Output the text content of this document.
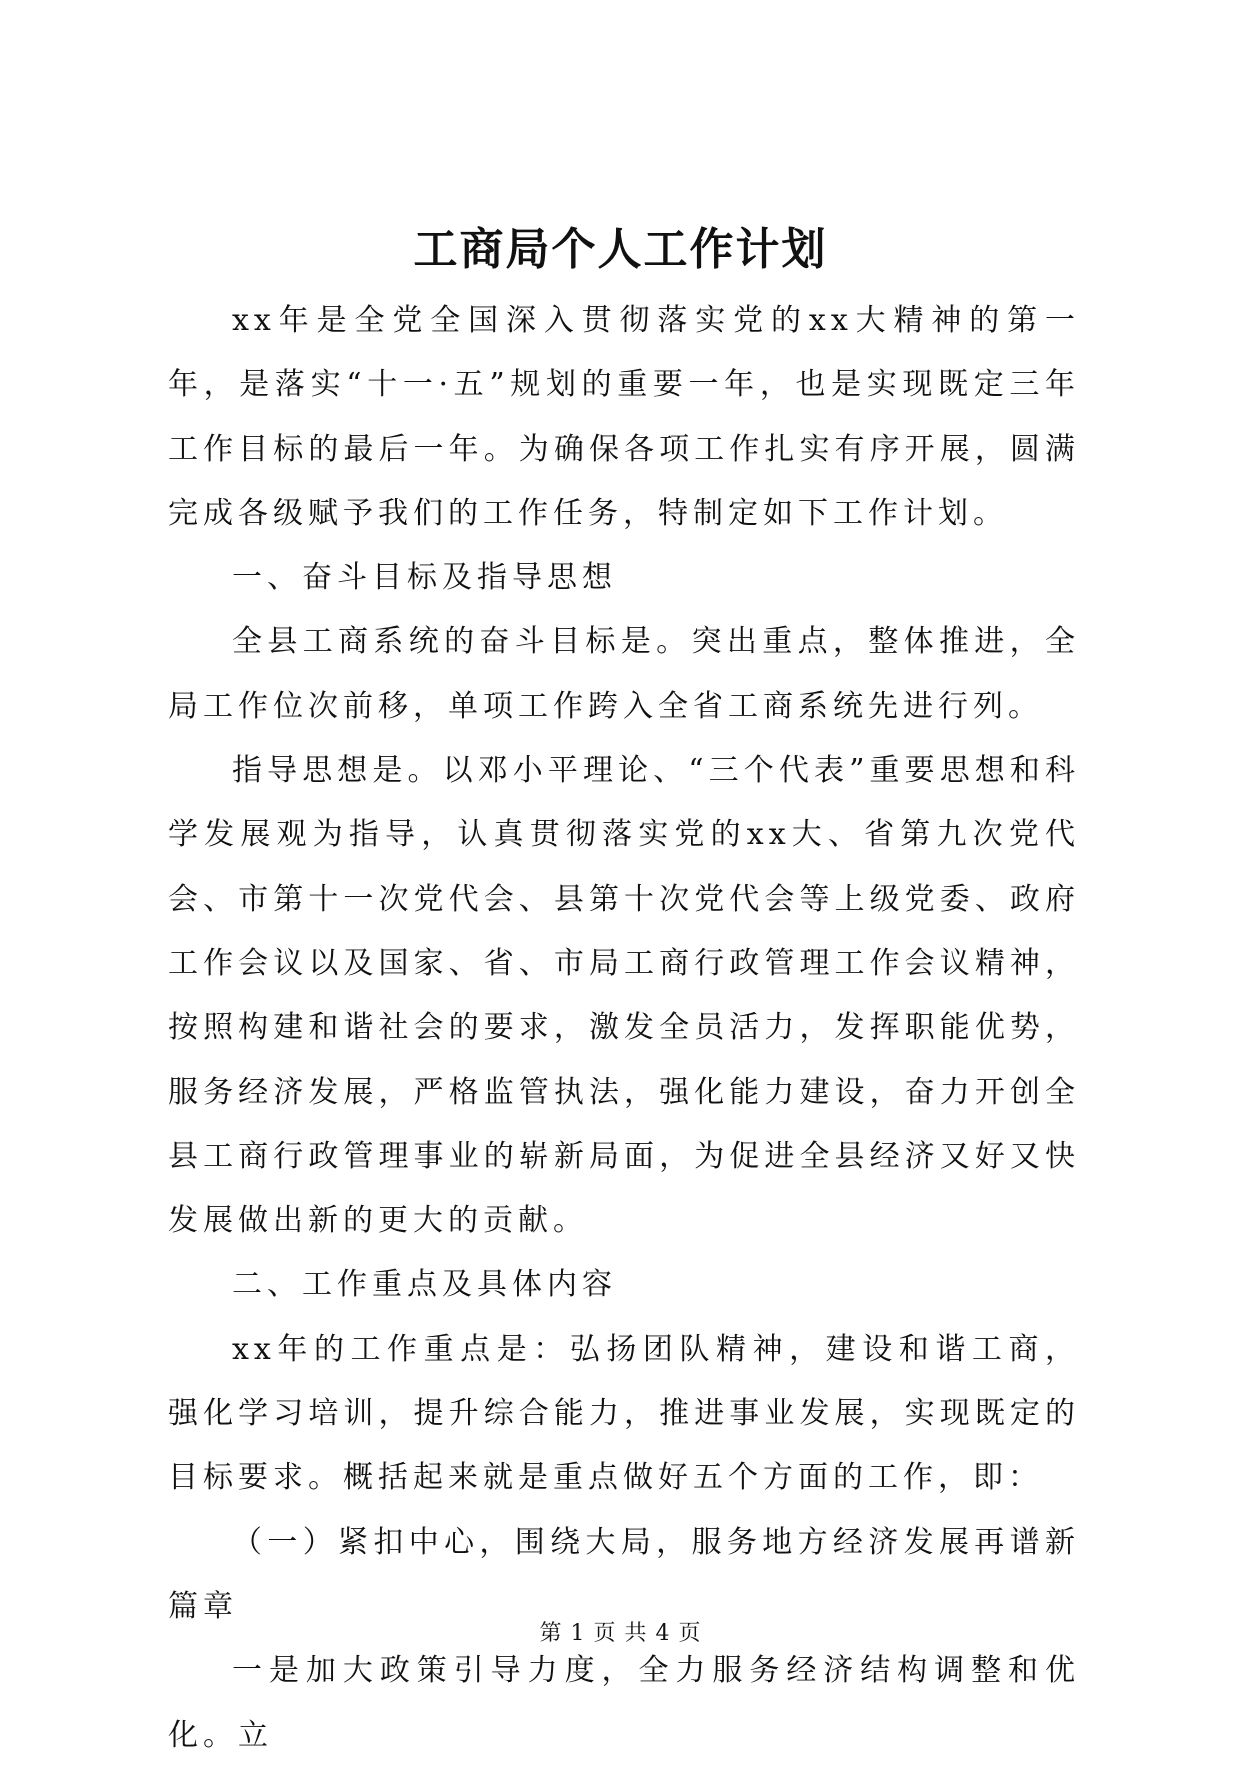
工商局个人工作计划

xx年是全党全国深入贯彻落实党的xx大精神的第一年，是落实“十一·五”规划的重要一年，也是实现既定三年工作目标的最后一年。为确保各项工作扎实有序开展，圆满完成各级赋予我们的工作任务，特制定如下工作计划。

一、奋斗目标及指导思想

全县工商系统的奋斗目标是。突出重点，整体推进，全局工作位次前移，单项工作跨入全省工商系统先进行列。

指导思想是。以邓小平理论、“三个代表”重要思想和科学发展观为指导，认真贯彻落实党的xx大、省第九次党代会、市第十一次党代会、县第十次党代会等上级党委、政府工作会议以及国家、省、市局工商行政管理工作会议精神，按照构建和谐社会的要求，激发全员活力，发挥职能优势，服务经济发展，严格监管执法，强化能力建设，奋力开创全县工商行政管理事业的崭新局面，为促进全县经济又好又快发展做出新的更大的贡献。

二、工作重点及具体内容

xx年的工作重点是：弘扬团队精神，建设和谐工商，强化学习培训，提升综合能力，推进事业发展，实现既定的目标要求。概括起来就是重点做好五个方面的工作，即：

（一）紧扣中心，围绕大局，服务地方经济发展再谱新篇章

一是加大政策引导力度，全力服务经济结构调整和优化。立

第 1 页 共 4 页
